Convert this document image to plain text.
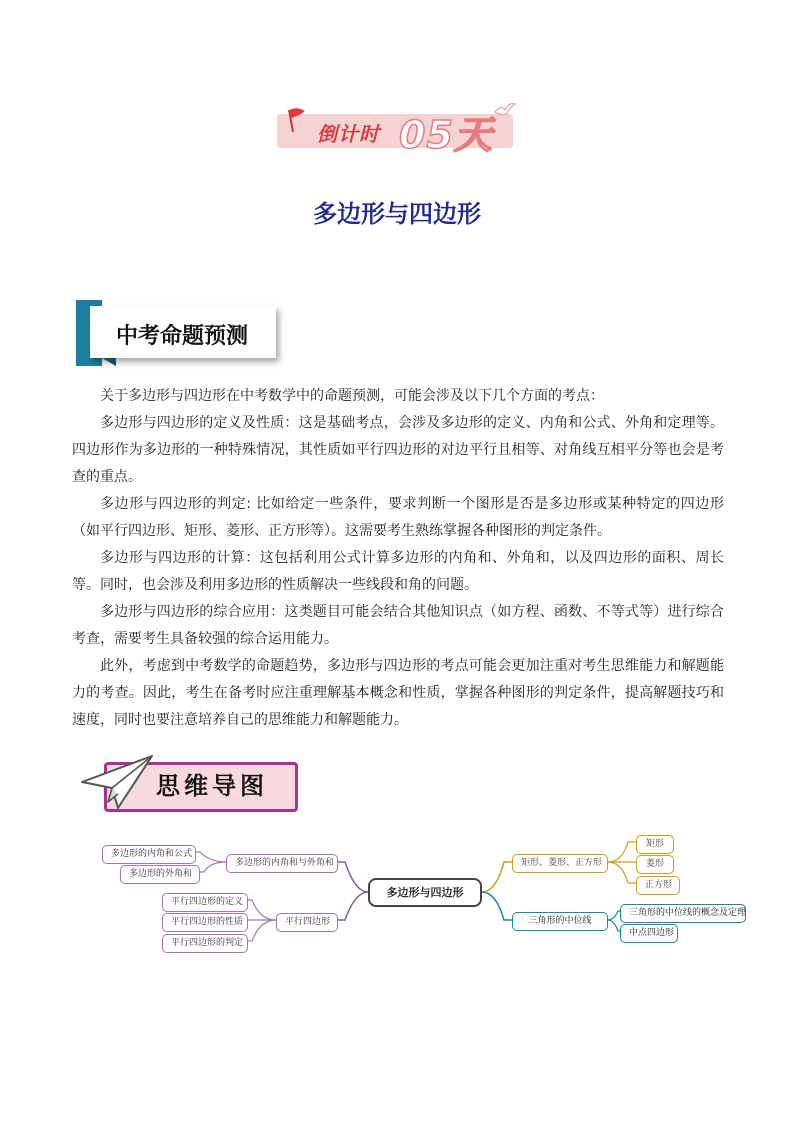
倒计时 05天
多边形与四边形
中考命题预测

关于多边形与四边形在中考数学中的命题预测，可能会涉及以下几个方面的考点：

多边形与四边形的定义及性质：这是基础考点，会涉及多边形的定义、内角和公式、外角和定理等。四边形作为多边形的一种特殊情况，其性质如平行四边形的对边平行且相等、对角线互相平分等也会是考查的重点。

多边形与四边形的判定: 比如给定一些条件，要求判断一个图形是否是多边形或某种特定的四边形（如平行四边形、矩形、菱形、正方形等）。这需要考生熟练掌握各种图形的判定条件。

多边形与四边形的计算：这包括利用公式计算多边形的内角和、外角和，以及四边形的面积、周长等。同时，也会涉及利用多边形的性质解决一些线段和角的问题。

多边形与四边形的综合应用：这类题目可能会结合其他知识点（如方程、函数、不等式等）进行综合考查，需要考生具备较强的综合运用能力。

此外，考虑到中考数学的命题趋势，多边形与四边形的考点可能会更加注重对考生思维能力和解题能力的考查。因此，考生在备考时应注重理解基本概念和性质，掌握各种图形的判定条件，提高解题技巧和速度，同时也要注意培养自己的思维能力和解题能力。

思维导图
多边形与四边形
多边形的内角和与外角和
多边形的内角和公式
多边形的外角和
平行四边形
平行四边形的定义
平行四边形的性质
平行四边形的判定
矩形、菱形、正方形
矩形
菱形
正方形
三角形的中位线
三角形的中位线的概念及定理
中点四边形
